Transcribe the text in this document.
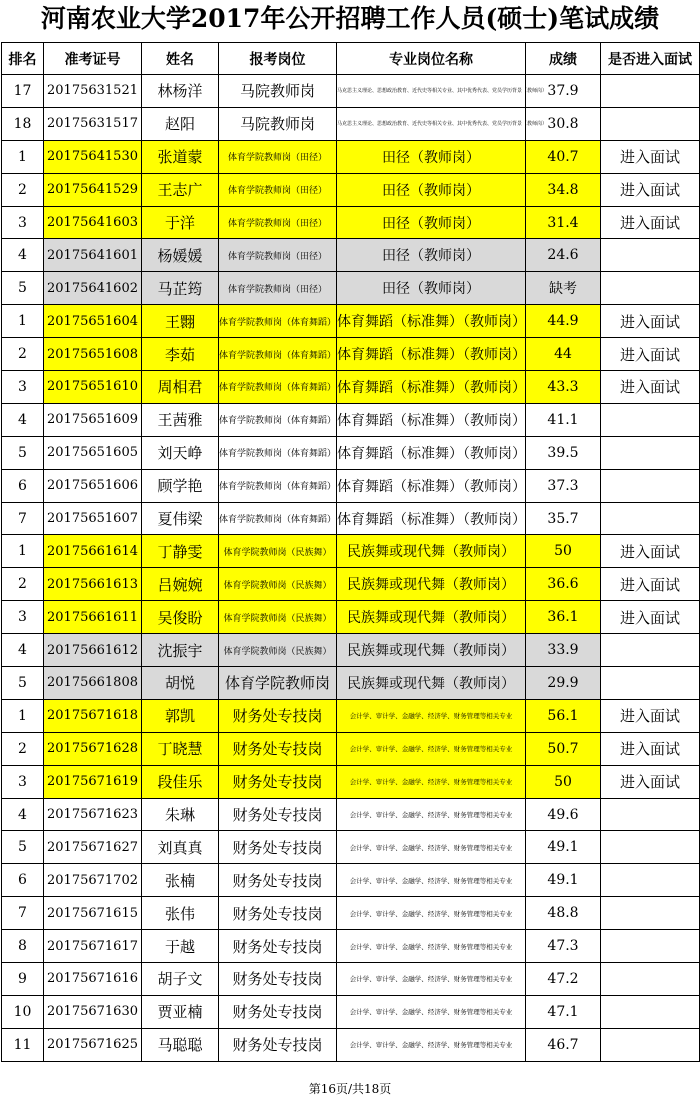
河南农业大学2017年公开招聘工作人员(硕士)笔试成绩
排名	准考证号	姓名	报考岗位	专业岗位名称	成绩	是否进入面试
17	20175631521	林杨洋	马院教师岗	马克思主义理论、思想政治教育、近代史等相关专业、其中优秀代表、党员学历背景（教师岗）	37.9	
18	20175631517	赵阳	马院教师岗	马克思主义理论、思想政治教育、近代史等相关专业、其中优秀代表、党员学历背景（教师岗）	30.8	
1	20175641530	张道蒙	体育学院教师岗（田径）	田径（教师岗）	40.7	进入面试
2	20175641529	王志广	体育学院教师岗（田径）	田径（教师岗）	34.8	进入面试
3	20175641603	于洋	体育学院教师岗（田径）	田径（教师岗）	31.4	进入面试
4	20175641601	杨媛媛	体育学院教师岗（田径）	田径（教师岗）	24.6	
5	20175641602	马芷筠	体育学院教师岗（田径）	田径（教师岗）	缺考	
1	20175651604	王翾	体育学院教师岗（体育舞蹈）	体育舞蹈（标准舞）（教师岗）	44.9	进入面试
2	20175651608	李茹	体育学院教师岗（体育舞蹈）	体育舞蹈（标准舞）（教师岗）	44	进入面试
3	20175651610	周相君	体育学院教师岗（体育舞蹈）	体育舞蹈（标准舞）（教师岗）	43.3	进入面试
4	20175651609	王茜雅	体育学院教师岗（体育舞蹈）	体育舞蹈（标准舞）（教师岗）	41.1	
5	20175651605	刘天峥	体育学院教师岗（体育舞蹈）	体育舞蹈（标准舞）（教师岗）	39.5	
6	20175651606	顾学艳	体育学院教师岗（体育舞蹈）	体育舞蹈（标准舞）（教师岗）	37.3	
7	20175651607	夏伟梁	体育学院教师岗（体育舞蹈）	体育舞蹈（标准舞）（教师岗）	35.7	
1	20175661614	丁静雯	体育学院教师岗（民族舞）	民族舞或现代舞（教师岗）	50	进入面试
2	20175661613	吕婉婉	体育学院教师岗（民族舞）	民族舞或现代舞（教师岗）	36.6	进入面试
3	20175661611	吴俊盼	体育学院教师岗（民族舞）	民族舞或现代舞（教师岗）	36.1	进入面试
4	20175661612	沈振宇	体育学院教师岗（民族舞）	民族舞或现代舞（教师岗）	33.9	
5	20175661808	胡悦	体育学院教师岗	民族舞或现代舞（教师岗）	29.9	
1	20175671618	郭凯	财务处专技岗	会计学、审计学、金融学、经济学、财务管理等相关专业	56.1	进入面试
2	20175671628	丁晓慧	财务处专技岗	会计学、审计学、金融学、经济学、财务管理等相关专业	50.7	进入面试
3	20175671619	段佳乐	财务处专技岗	会计学、审计学、金融学、经济学、财务管理等相关专业	50	进入面试
4	20175671623	朱琳	财务处专技岗	会计学、审计学、金融学、经济学、财务管理等相关专业	49.6	
5	20175671627	刘真真	财务处专技岗	会计学、审计学、金融学、经济学、财务管理等相关专业	49.1	
6	20175671702	张楠	财务处专技岗	会计学、审计学、金融学、经济学、财务管理等相关专业	49.1	
7	20175671615	张伟	财务处专技岗	会计学、审计学、金融学、经济学、财务管理等相关专业	48.8	
8	20175671617	于越	财务处专技岗	会计学、审计学、金融学、经济学、财务管理等相关专业	47.3	
9	20175671616	胡子文	财务处专技岗	会计学、审计学、金融学、经济学、财务管理等相关专业	47.2	
10	20175671630	贾亚楠	财务处专技岗	会计学、审计学、金融学、经济学、财务管理等相关专业	47.1	
11	20175671625	马聪聪	财务处专技岗	会计学、审计学、金融学、经济学、财务管理等相关专业	46.7	
第16页/共18页
